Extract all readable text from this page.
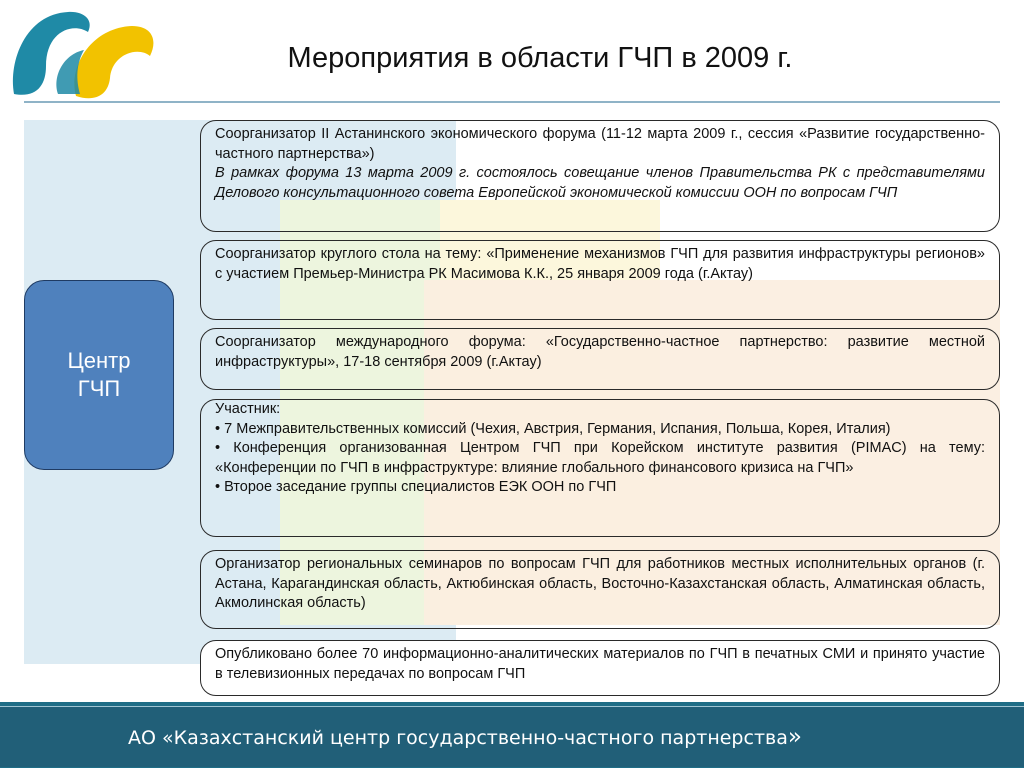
Мероприятия в области ГЧП в 2009 г.
Центр
ГЧП

Соорганизатор II Астанинского экономического форума (11-12 марта 2009 г., сессия «Развитие государственно-частного партнерства»)

В рамках форума 13 марта 2009 г. состоялось совещание членов Правительства РК с представителями Делового консультационного совета Европейской экономической комиссии ООН по вопросам ГЧП

Соорганизатор круглого стола на тему: «Применение механизмов ГЧП для развития инфраструктуры регионов» с участием Премьер-Министра РК Масимова К.К., 25 января 2009 года (г.Актау)

Соорганизатор международного форума: «Государственно-частное партнерство: развитие местной инфраструктуры», 17-18 сентября 2009 (г.Актау)

Участник:

• 7 Межправительственных комиссий (Чехия, Австрия, Германия, Испания, Польша, Корея, Италия)

• Конференция организованная Центром ГЧП при Корейском институте развития (PIMAC) на тему: «Конференции по ГЧП в инфраструктуре: влияние глобального финансового кризиса на ГЧП»

• Второе заседание группы специалистов ЕЭК ООН по ГЧП

Организатор региональных семинаров по вопросам ГЧП для работников местных исполнительных органов (г. Астана, Карагандинская область, Актюбинская область, Восточно-Казахстанская область, Алматинская область, Акмолинская область)

Опубликовано более 70 информационно-аналитических материалов по ГЧП в печатных СМИ и принято участие в телевизионных передачах по вопросам ГЧП

АО «Казахстанский центр государственно-частного партнерства»
